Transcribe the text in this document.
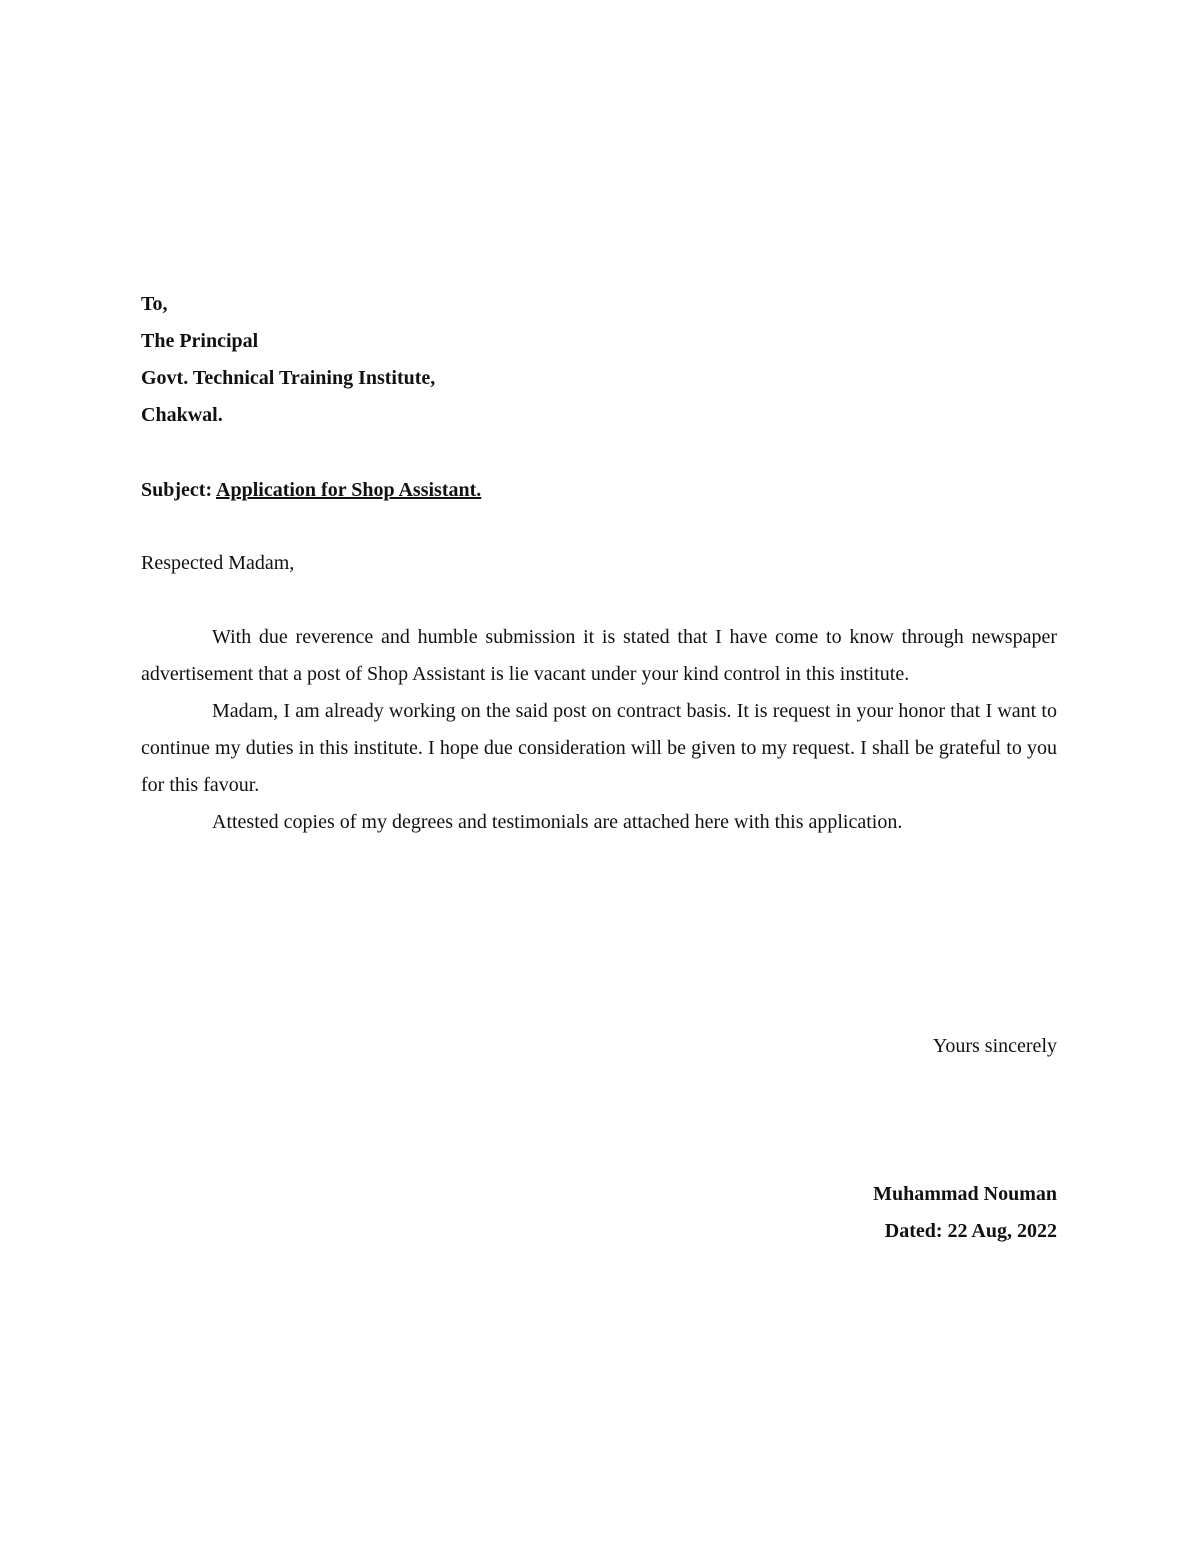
To,
The Principal
Govt. Technical Training Institute,
Chakwal.
Subject: Application for Shop Assistant.
Respected Madam,

With due reverence and humble submission it is stated that I have come to know through newspaper advertisement that a post of Shop Assistant is lie vacant under your kind control in this institute.

Madam, I am already working on the said post on contract basis. It is request in your honor that I want to continue my duties in this institute. I hope due consideration will be given to my request. I shall be grateful to you for this favour.

Attested copies of my degrees and testimonials are attached here with this application.

Yours sincerely
Muhammad Nouman
Dated: 22 Aug, 2022
